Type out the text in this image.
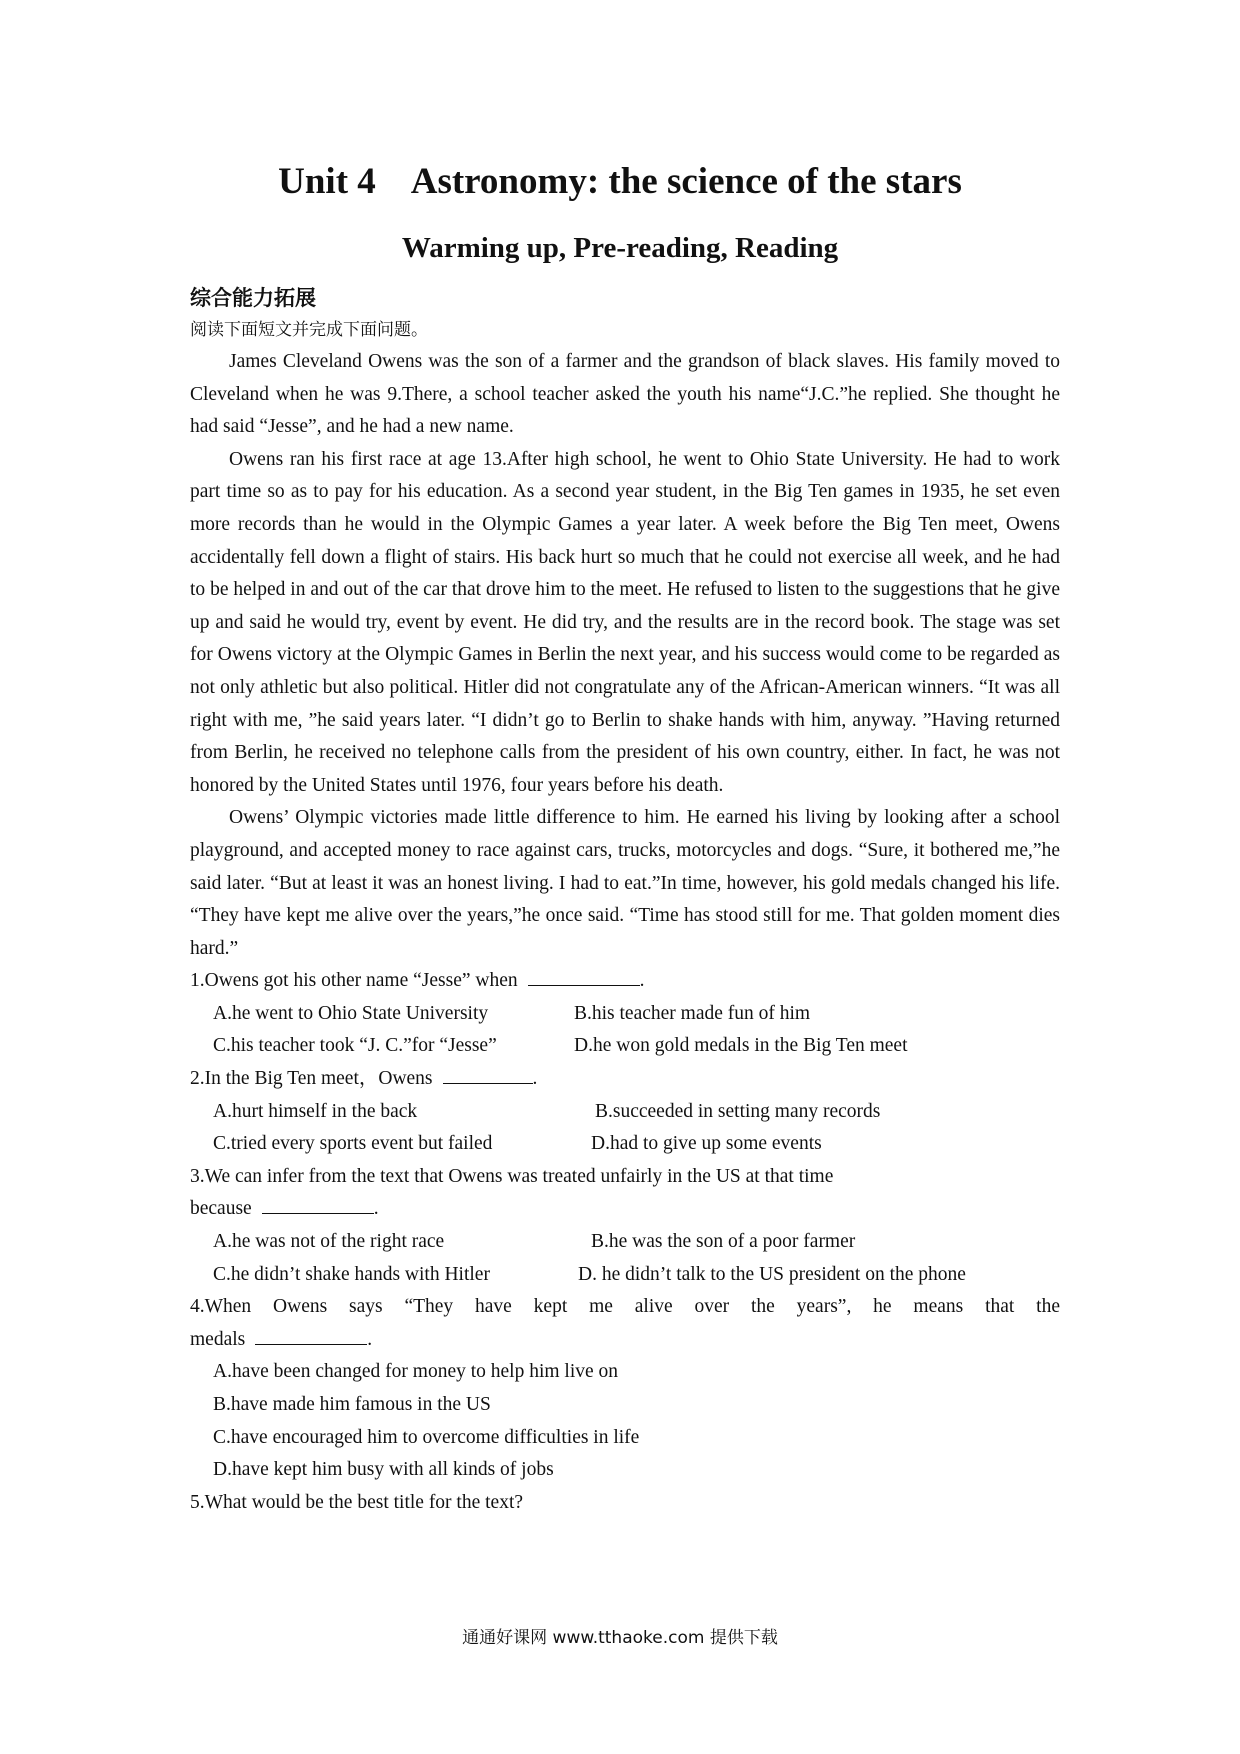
Unit 4    Astronomy: the science of the stars
Warming up, Pre-reading, Reading
综合能力拓展
阅读下面短文并完成下面问题。

James Cleveland Owens was the son of a farmer and the grandson of black slaves. His family moved to Cleveland when he was 9.There, a school teacher asked the youth his name“J.C.”he replied. She thought he had said “Jesse”, and he had a new name.

Owens ran his first race at age 13.After high school, he went to Ohio State University. He had to work part time so as to pay for his education. As a second year student, in the Big Ten games in 1935, he set even more records than he would in the Olympic Games a year later. A week before the Big Ten meet, Owens accidentally fell down a flight of stairs. His back hurt so much that he could not exercise all week, and he had to be helped in and out of the car that drove him to the meet. He refused to listen to the suggestions that he give up and said he would try, event by event. He did try, and the results are in the record book. The stage was set for Owens victory at the Olympic Games in Berlin the next year, and his success would come to be regarded as not only athletic but also political. Hitler did not congratulate any of the African-American winners. “It was all right with me, ”he said years later. “I didn’t go to Berlin to shake hands with him, anyway. ”Having returned from Berlin, he received no telephone calls from the president of his own country, either. In fact, he was not honored by the United States until 1976, four years before his death.

Owens’ Olympic victories made little difference to him. He earned his living by looking after a school playground, and accepted money to race against cars, trucks, motorcycles and dogs. “Sure, it bothered me,”he said later. “But at least it was an honest living. I had to eat.”In time, however, his gold medals changed his life. “They have kept me alive over the years,”he once said. “Time has stood still for me. That golden moment dies hard.”

1.Owens got his other name “Jesse” when	.
A.he went to Ohio State University	B.his teacher made fun of him
C.his teacher took “J. C.”for “Jesse”	D.he won gold medals in the Big Ten meet
2.In the Big Ten meet，Owens	.
A.hurt himself in the back	B.succeeded in setting many records
C.tried every sports event but failed	D.had to give up some events
3.We can infer from the text that Owens was treated unfairly in the US at that time
because	.
A.he was not of the right race	B.he was the son of a poor farmer
C.he didn’t shake hands with Hitler	D. he didn’t talk to the US president on the phone
4.When Owens says “They have kept me alive over the years”, he means that the
medals	.
A.have been changed for money to help him live on
B.have made him famous in the US
C.have encouraged him to overcome difficulties in life
D.have kept him busy with all kinds of jobs
5.What would be the best title for the text?
通通好课网 www.tthaoke.com 提供下载
